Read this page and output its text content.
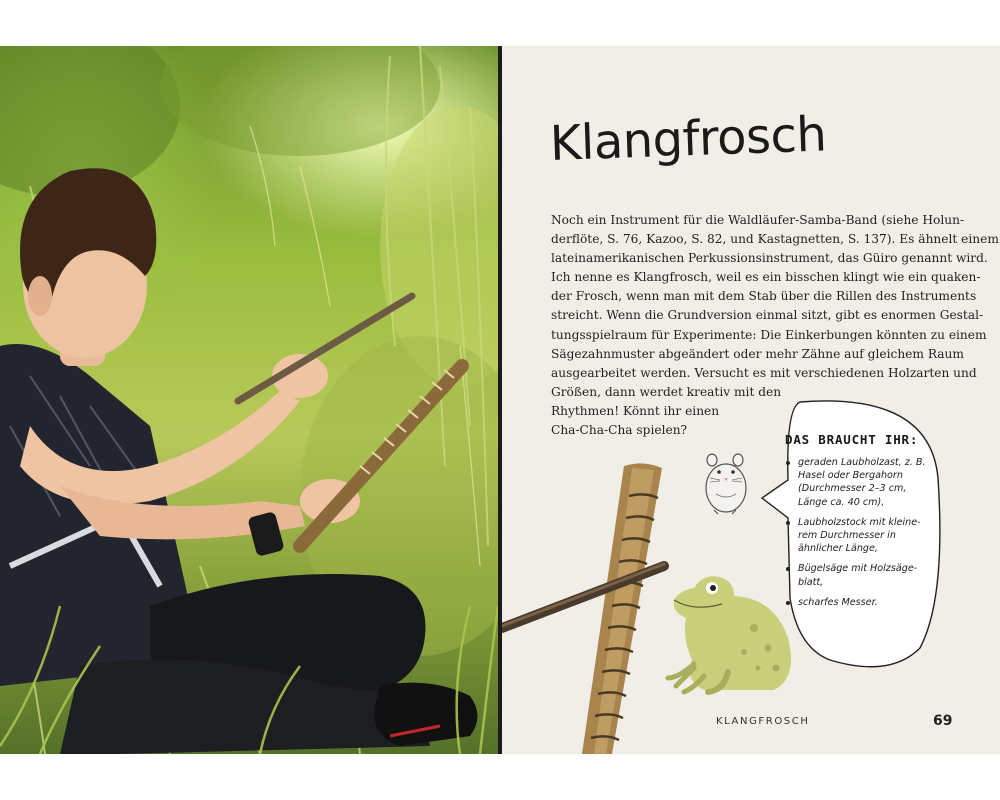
Klangfrosch

Noch ein Instrument für die Waldläufer-Samba-Band (siehe Holun-
derflöte, S. 76, Kazoo, S. 82, und Kastagnetten, S. 137). Es ähnelt einem
lateinamerikanischen Perkussionsinstrument, das Güiro genannt wird.
Ich nenne es Klangfrosch, weil es ein bisschen klingt wie ein quaken-
der Frosch, wenn man mit dem Stab über die Rillen des Instruments
streicht. Wenn die Grundversion einmal sitzt, gibt es enormen Gestal-
tungsspielraum für Experimente: Die Einkerbungen könnten zu einem
Sägezahnmuster abgeändert oder mehr Zähne auf gleichem Raum
ausgearbeitet werden. Versucht es mit verschiedenen Holzarten und
Größen, dann werdet kreativ mit den
Rhythmen! Könnt ihr einen
Cha-Cha-Cha spielen?

DAS BRAUCHT IHR:
geraden Laubholzast, z. B.
Hasel oder Bergahorn
(Durchmesser 2–3 cm,
Länge ca. 40 cm),
Laubholzstock mit kleine-
rem Durchmesser in
ähnlicher Länge,
Bügelsäge mit Holzsäge-
blatt,
scharfes Messer.
KLANGFROSCH	69
